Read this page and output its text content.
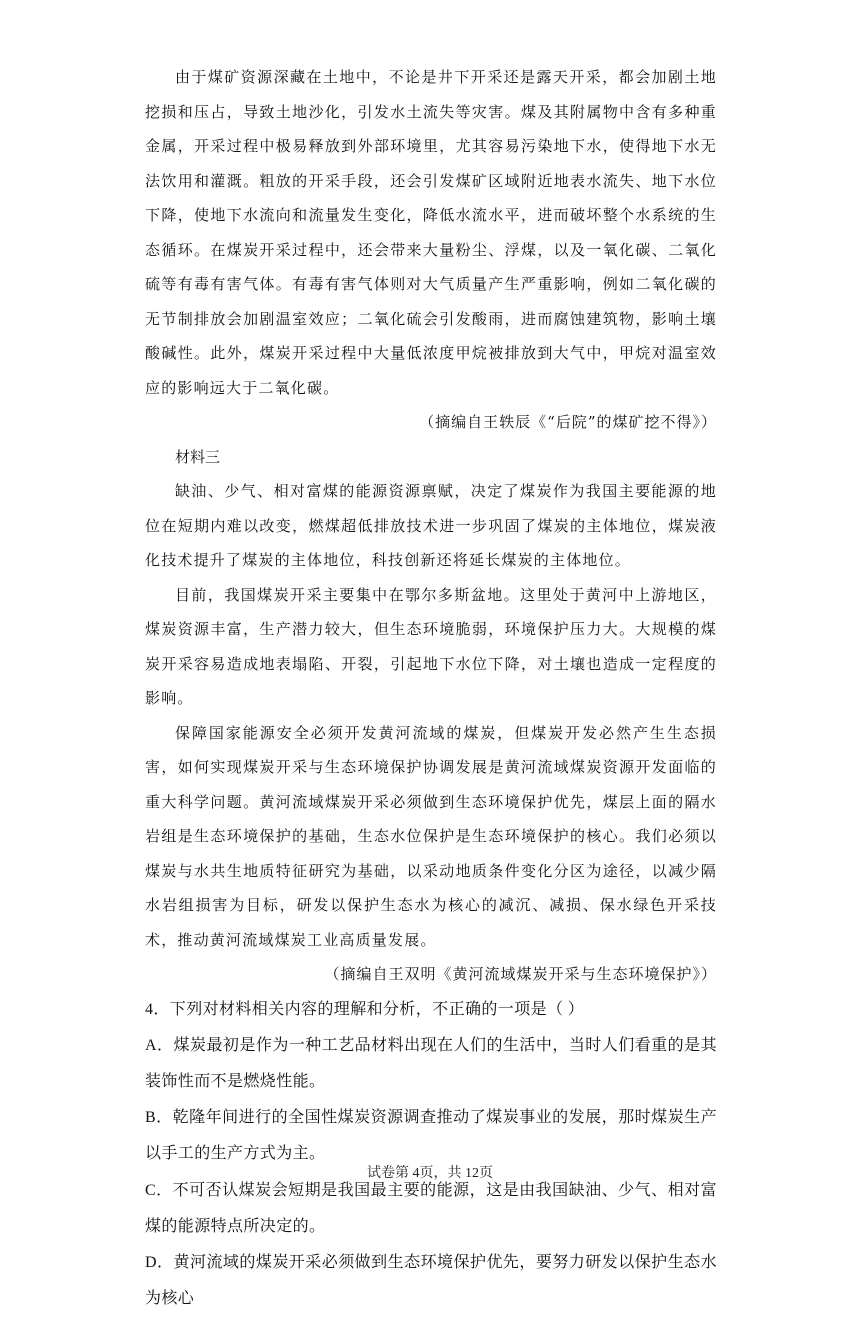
由于煤矿资源深藏在土地中，不论是井下开采还是露天开采，都会加剧土地挖损和压占，导致土地沙化，引发水土流失等灾害。煤及其附属物中含有多种重金属，开采过程中极易释放到外部环境里，尤其容易污染地下水，使得地下水无法饮用和灌溉。粗放的开采手段，还会引发煤矿区域附近地表水流失、地下水位下降，使地下水流向和流量发生变化，降低水流水平，进而破坏整个水系统的生态循环。在煤炭开采过程中，还会带来大量粉尘、浮煤，以及一氧化碳、二氧化硫等有毒有害气体。有毒有害气体则对大气质量产生严重影响，例如二氧化碳的无节制排放会加剧温室效应；二氧化硫会引发酸雨，进而腐蚀建筑物，影响土壤酸碱性。此外，煤炭开采过程中大量低浓度甲烷被排放到大气中，甲烷对温室效应的影响远大于二氧化碳。

（摘编自王轶辰《“后院”的煤矿挖不得》）

材料三

缺油、少气、相对富煤的能源资源禀赋，决定了煤炭作为我国主要能源的地位在短期内难以改变，燃煤超低排放技术进一步巩固了煤炭的主体地位，煤炭液化技术提升了煤炭的主体地位，科技创新还将延长煤炭的主体地位。

目前，我国煤炭开采主要集中在鄂尔多斯盆地。这里处于黄河中上游地区，煤炭资源丰富，生产潜力较大，但生态环境脆弱，环境保护压力大。大规模的煤炭开采容易造成地表塌陷、开裂，引起地下水位下降，对土壤也造成一定程度的影响。

保障国家能源安全必须开发黄河流域的煤炭，但煤炭开发必然产生生态损害，如何实现煤炭开采与生态环境保护协调发展是黄河流域煤炭资源开发面临的重大科学问题。黄河流域煤炭开采必须做到生态环境保护优先，煤层上面的隔水岩组是生态环境保护的基础，生态水位保护是生态环境保护的核心。我们必须以煤炭与水共生地质特征研究为基础，以采动地质条件变化分区为途径，以减少隔水岩组损害为目标，研发以保护生态水为核心的减沉、减损、保水绿色开采技术，推动黄河流域煤炭工业高质量发展。

（摘编自王双明《黄河流域煤炭开采与生态环境保护》）

4．下列对材料相关内容的理解和分析，不正确的一项是（ ）

A．煤炭最初是作为一种工艺品材料出现在人们的生活中，当时人们看重的是其装饰性而不是燃烧性能。

B．乾隆年间进行的全国性煤炭资源调查推动了煤炭事业的发展，那时煤炭生产以手工的生产方式为主。

C．不可否认煤炭会短期是我国最主要的能源，这是由我国缺油、少气、相对富煤的能源特点所决定的。

D．黄河流域的煤炭开采必须做到生态环境保护优先，要努力研发以保护生态水为核心

试卷第 4页，共 12页
